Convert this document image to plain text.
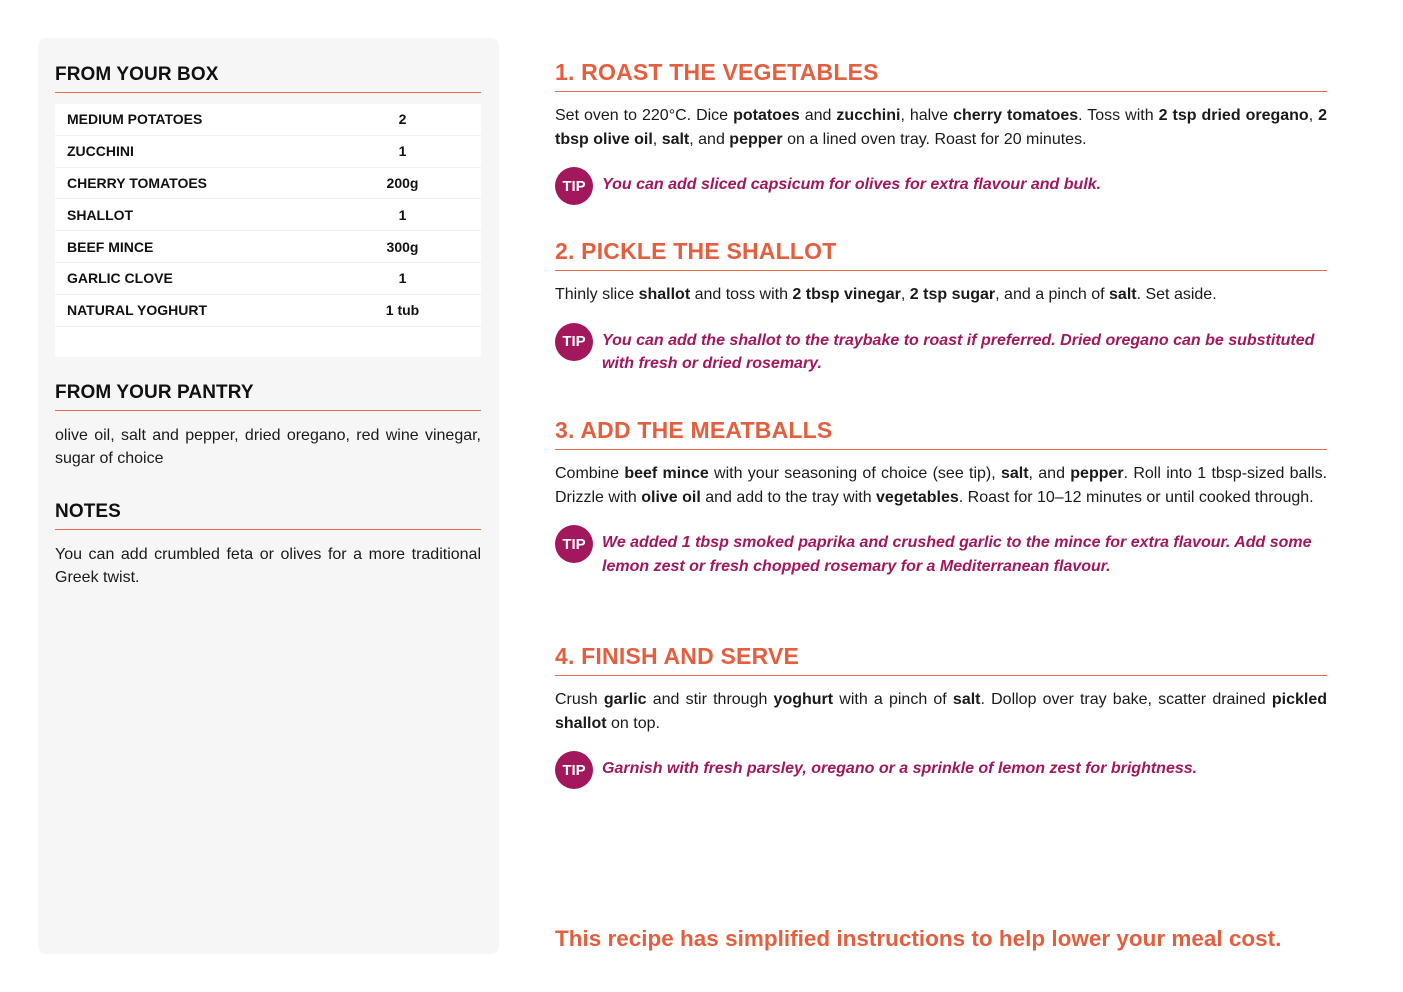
FROM YOUR BOX
MEDIUM POTATOES	2
ZUCCHINI	1
CHERRY TOMATOES	200g
SHALLOT	1
BEEF MINCE	300g
GARLIC CLOVE	1
NATURAL YOGHURT	1 tub
FROM YOUR PANTRY
olive oil, salt and pepper, dried oregano, red wine vinegar, sugar of choice
NOTES
You can add crumbled feta or olives for a more traditional Greek twist.
1. ROAST THE VEGETABLES
Set oven to 220°C. Dice potatoes and zucchini, halve cherry tomatoes. Toss with 2 tsp dried oregano, 2 tbsp olive oil, salt, and pepper on a lined oven tray. Roast for 20 minutes.
TIP	You can add sliced capsicum for olives for extra flavour and bulk.
2. PICKLE THE SHALLOT
Thinly slice shallot and toss with 2 tbsp vinegar, 2 tsp sugar, and a pinch of salt. Set aside.
TIP	You can add the shallot to the traybake to roast if preferred. Dried oregano can be substituted with fresh or dried rosemary.
3. ADD THE MEATBALLS
Combine beef mince with your seasoning of choice (see tip), salt, and pepper. Roll into 1 tbsp-sized balls. Drizzle with olive oil and add to the tray with vegetables. Roast for 10–12 minutes or until cooked through.
TIP	We added 1 tbsp smoked paprika and crushed garlic to the mince for extra flavour. Add some lemon zest or fresh chopped rosemary for a Mediterranean flavour.
4. FINISH AND SERVE
Crush garlic and stir through yoghurt with a pinch of salt. Dollop over tray bake, scatter drained pickled shallot on top.
TIP	Garnish with fresh parsley, oregano or a sprinkle of lemon zest for brightness.
This recipe has simplified instructions to help lower your meal cost.
